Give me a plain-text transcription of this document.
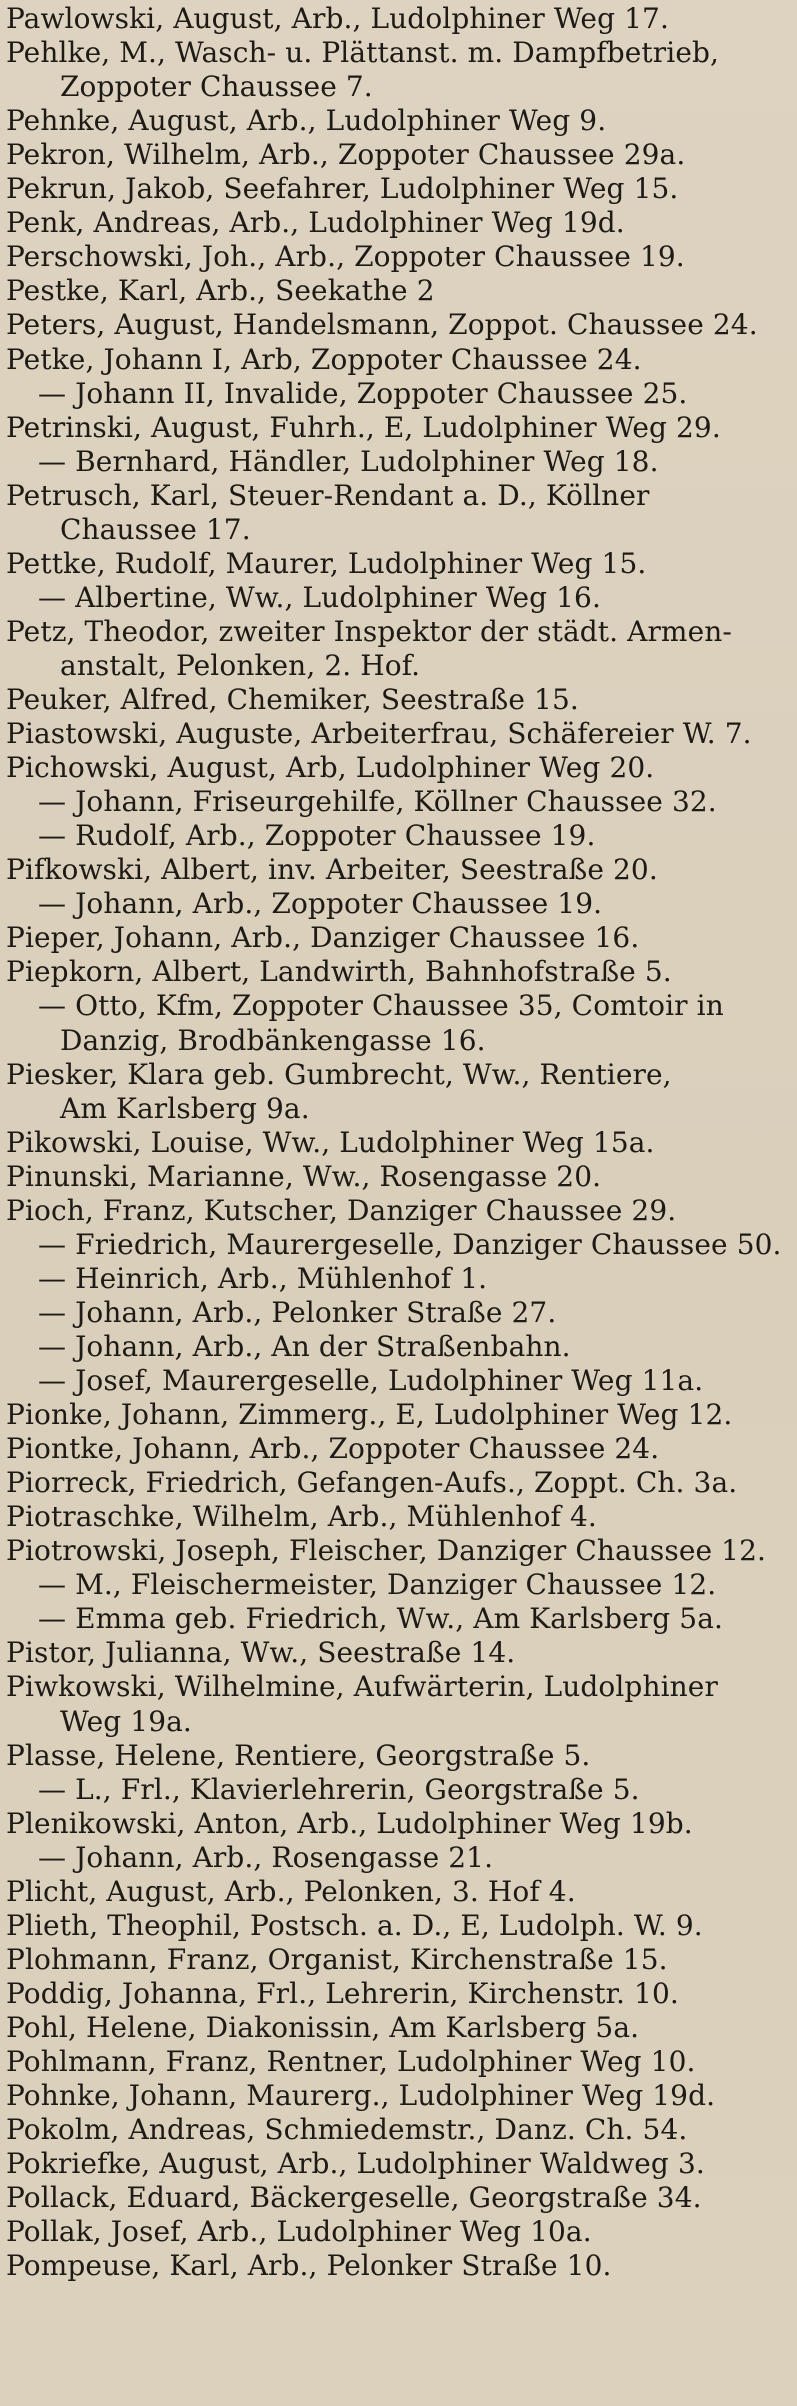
Pawlowski, August, Arb., Ludolphiner Weg 17.
Pehlke, M., Wasch- u. Plättanst. m. Dampfbetrieb,
Zoppoter Chaussee 7.
Pehnke, August, Arb., Ludolphiner Weg 9.
Pekron, Wilhelm, Arb., Zoppoter Chaussee 29a.
Pekrun, Jakob, Seefahrer, Ludolphiner Weg 15.
Penk, Andreas, Arb., Ludolphiner Weg 19d.
Perschowski, Joh., Arb., Zoppoter Chaussee 19.
Pestke, Karl, Arb., Seekathe 2
Peters, August, Handelsmann, Zoppot. Chaussee 24.
Petke, Johann I, Arb, Zoppoter Chaussee 24.
— Johann II, Invalide, Zoppoter Chaussee 25.
Petrinski, August, Fuhrh., E, Ludolphiner Weg 29.
— Bernhard, Händler, Ludolphiner Weg 18.
Petrusch, Karl, Steuer-Rendant a. D., Köllner
Chaussee 17.
Pettke, Rudolf, Maurer, Ludolphiner Weg 15.
— Albertine, Ww., Ludolphiner Weg 16.
Petz, Theodor, zweiter Inspektor der städt. Armen-
anstalt, Pelonken, 2. Hof.
Peuker, Alfred, Chemiker, Seestraße 15.
Piastowski, Auguste, Arbeiterfrau, Schäfereier W. 7.
Pichowski, August, Arb, Ludolphiner Weg 20.
— Johann, Friseurgehilfe, Köllner Chaussee 32.
— Rudolf, Arb., Zoppoter Chaussee 19.
Pifkowski, Albert, inv. Arbeiter, Seestraße 20.
— Johann, Arb., Zoppoter Chaussee 19.
Pieper, Johann, Arb., Danziger Chaussee 16.
Piepkorn, Albert, Landwirth, Bahnhofstraße 5.
— Otto, Kfm, Zoppoter Chaussee 35, Comtoir in
Danzig, Brodbänkengasse 16.
Piesker, Klara geb. Gumbrecht, Ww., Rentiere,
Am Karlsberg 9a.
Pikowski, Louise, Ww., Ludolphiner Weg 15a.
Pinunski, Marianne, Ww., Rosengasse 20.
Pioch, Franz, Kutscher, Danziger Chaussee 29.
— Friedrich, Maurergeselle, Danziger Chaussee 50.
— Heinrich, Arb., Mühlenhof 1.
— Johann, Arb., Pelonker Straße 27.
— Johann, Arb., An der Straßenbahn.
— Josef, Maurergeselle, Ludolphiner Weg 11a.
Pionke, Johann, Zimmerg., E, Ludolphiner Weg 12.
Piontke, Johann, Arb., Zoppoter Chaussee 24.
Piorreck, Friedrich, Gefangen-Aufs., Zoppt. Ch. 3a.
Piotraschke, Wilhelm, Arb., Mühlenhof 4.
Piotrowski, Joseph, Fleischer, Danziger Chaussee 12.
— M., Fleischermeister, Danziger Chaussee 12.
— Emma geb. Friedrich, Ww., Am Karlsberg 5a.
Pistor, Julianna, Ww., Seestraße 14.
Piwkowski, Wilhelmine, Aufwärterin, Ludolphiner
Weg 19a.
Plasse, Helene, Rentiere, Georgstraße 5.
— L., Frl., Klavierlehrerin, Georgstraße 5.
Plenikowski, Anton, Arb., Ludolphiner Weg 19b.
— Johann, Arb., Rosengasse 21.
Plicht, August, Arb., Pelonken, 3. Hof 4.
Plieth, Theophil, Postsch. a. D., E, Ludolph. W. 9.
Plohmann, Franz, Organist, Kirchenstraße 15.
Poddig, Johanna, Frl., Lehrerin, Kirchenstr. 10.
Pohl, Helene, Diakonissin, Am Karlsberg 5a.
Pohlmann, Franz, Rentner, Ludolphiner Weg 10.
Pohnke, Johann, Maurerg., Ludolphiner Weg 19d.
Pokolm, Andreas, Schmiedemstr., Danz. Ch. 54.
Pokriefke, August, Arb., Ludolphiner Waldweg 3.
Pollack, Eduard, Bäckergeselle, Georgstraße 34.
Pollak, Josef, Arb., Ludolphiner Weg 10a.
Pompeuse, Karl, Arb., Pelonker Straße 10.
